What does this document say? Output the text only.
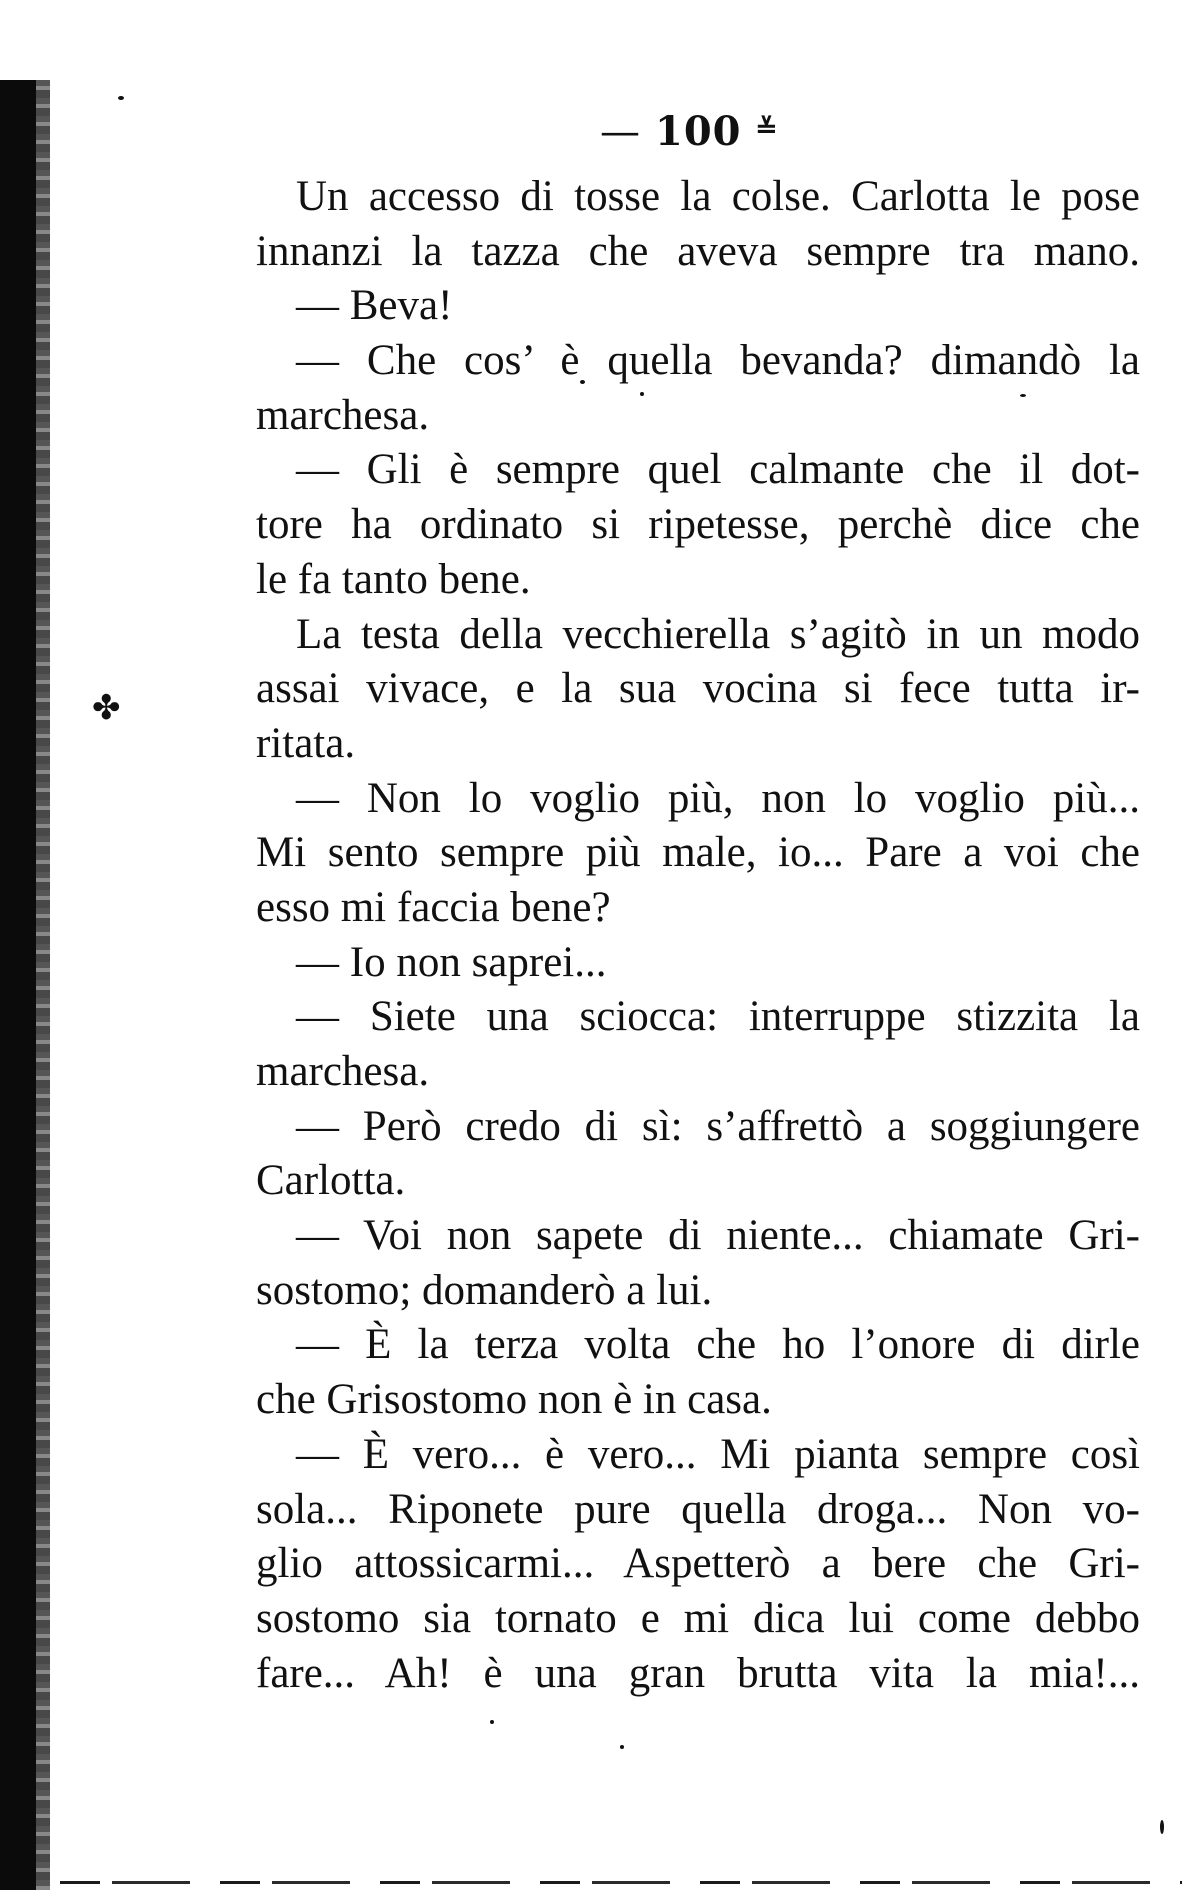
✤
— 100 ≚
Un accesso di tosse la colse. Carlotta le pose
innanzi la tazza che aveva sempre tra mano.
— Beva!
— Che cos’ è quella bevanda? dimandò la
marchesa.
— Gli è sempre quel calmante che il dot-
tore ha ordinato si ripetesse, perchè dice che
le fa tanto bene.
La testa della vecchierella s’agitò in un modo
assai vivace, e la sua vocina si fece tutta ir-
ritata.
— Non lo voglio più, non lo voglio più...
Mi sento sempre più male, io... Pare a voi che
esso mi faccia bene?
— Io non saprei...
— Siete una sciocca: interruppe stizzita la
marchesa.
— Però credo di sì: s’affrettò a soggiungere
Carlotta.
— Voi non sapete di niente... chiamate Gri-
sostomo; domanderò a lui.
— È la terza volta che ho l’onore di dirle
che Grisostomo non è in casa.
— È vero... è vero... Mi pianta sempre così
sola... Riponete pure quella droga... Non vo-
glio attossicarmi... Aspetterò a bere che Gri-
sostomo sia tornato e mi dica lui come debbo
fare... Ah! è una gran brutta vita la mia!...
